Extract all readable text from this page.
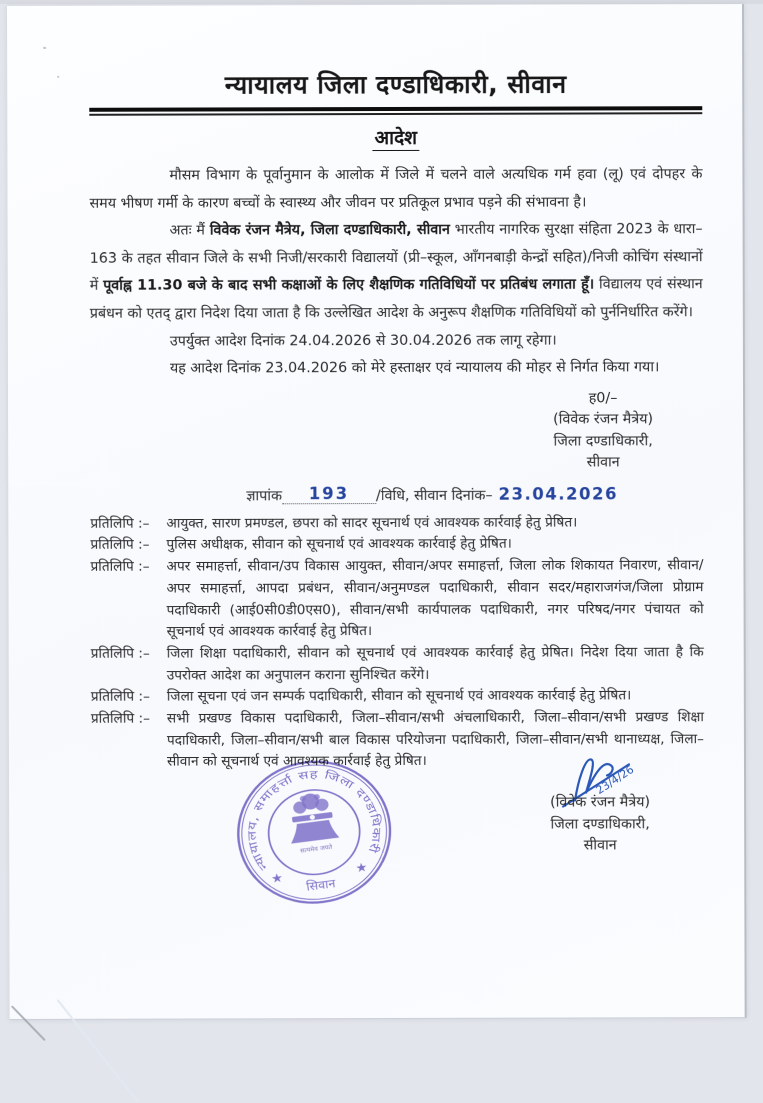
न्यायालय जिला दण्डाधिकारी, सीवान
आदेश

मौसम विभाग के पूर्वानुमान के आलोक में जिले में चलने वाले अत्यधिक गर्म हवा (लू) एवं दोपहर के समय भीषण गर्मी के कारण बच्चों के स्वास्थ्य और जीवन पर प्रतिकूल प्रभाव पड़ने की संभावना है।

अतः मैं विवेक रंजन मैत्रेय, जिला दण्डाधिकारी, सीवान भारतीय नागरिक सुरक्षा संहिता 2023 के धारा–163 के तहत सीवान जिले के सभी निजी/सरकारी विद्यालयों (प्री–स्कूल, आँगनबाड़ी केन्द्रों सहित)/निजी कोचिंग संस्थानों में पूर्वाह्न 11.30 बजे के बाद सभी कक्षाओं के लिए शैक्षणिक गतिविधियों पर प्रतिबंध लगाता हूँ। विद्यालय एवं संस्थान प्रबंधन को एतद् द्वारा निदेश दिया जाता है कि उल्लेखित आदेश के अनुरूप शैक्षणिक गतिविधियों को पुर्ननिर्धारित करेंगे।

उपर्युक्त आदेश दिनांक 24.04.2026 से 30.04.2026 तक लागू रहेगा।

यह आदेश दिनांक 23.04.2026 को मेरे हस्ताक्षर एवं न्यायालय की मोहर से निर्गत किया गया।

ह0/–
(विवेक रंजन मैत्रेय)
जिला दण्डाधिकारी,
सीवान
ज्ञापांक 193 /विधि, सीवान दिनांक– 23.04.2026
प्रतिलिपि :–	आयुक्त, सारण प्रमण्डल, छपरा को सादर सूचनार्थ एवं आवश्यक कार्रवाई हेतु प्रेषित।
प्रतिलिपि :–	पुलिस अधीक्षक, सीवान को सूचनार्थ एवं आवश्यक कार्रवाई हेतु प्रेषित।
प्रतिलिपि :–	अपर समाहर्त्ता, सीवान/उप विकास आयुक्त, सीवान/अपर समाहर्त्ता, जिला लोक शिकायत निवारण, सीवान/अपर समाहर्त्ता, आपदा प्रबंधन, सीवान/अनुमण्डल पदाधिकारी, सीवान सदर/महाराजगंज/जिला प्रोग्राम पदाधिकारी (आई0सी0डी0एस0), सीवान/सभी कार्यपालक पदाधिकारी, नगर परिषद/नगर पंचायत को सूचनार्थ एवं आवश्यक कार्रवाई हेतु प्रेषित।
प्रतिलिपि :–	जिला शिक्षा पदाधिकारी, सीवान को सूचनार्थ एवं आवश्यक कार्रवाई हेतु प्रेषित। निदेश दिया जाता है कि उपरोक्त आदेश का अनुपालन कराना सुनिश्चित करेंगे।
प्रतिलिपि :–	जिला सूचना एवं जन सम्पर्क पदाधिकारी, सीवान को सूचनार्थ एवं आवश्यक कार्रवाई हेतु प्रेषित।
प्रतिलिपि :–	सभी प्रखण्ड विकास पदाधिकारी, जिला–सीवान/सभी अंचलाधिकारी, जिला–सीवान/सभी प्रखण्ड शिक्षा पदाधिकारी, जिला–सीवान/सभी बाल विकास परियोजना पदाधिकारी, जिला–सीवान/सभी थानाध्यक्ष, जिला–सीवान को सूचनार्थ एवं आवश्यक कार्रवाई हेतु प्रेषित।
न्यायालय, समाहर्त्ता सह जिला दण्डाधिकारी
★
★
सिवान
सत्यमेव जयते
23/4/26
(विवेक रंजन मैत्रेय)
जिला दण्डाधिकारी,
सीवान
